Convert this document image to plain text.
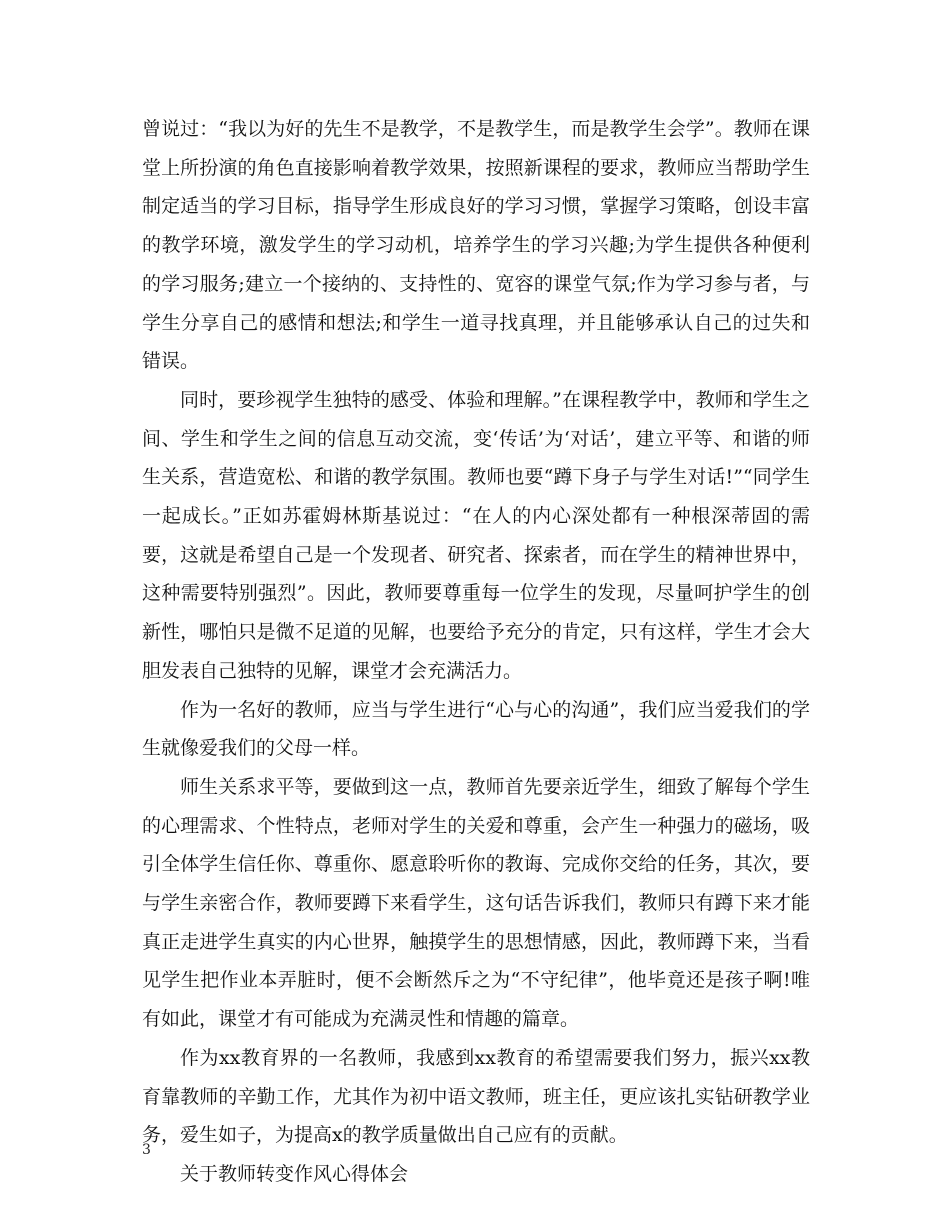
曾说过：“我以为好的先生不是教学，不是教学生，而是教学生会学”。教师在课堂上所扮演的角色直接影响着教学效果，按照新课程的要求，教师应当帮助学生制定适当的学习目标，指导学生形成良好的学习习惯，掌握学习策略，创设丰富的教学环境，激发学生的学习动机，培养学生的学习兴趣;为学生提供各种便利的学习服务;建立一个接纳的、支持性的、宽容的课堂气氛;作为学习参与者，与学生分享自己的感情和想法;和学生一道寻找真理，并且能够承认自己的过失和错误。

同时，要珍视学生独特的感受、体验和理解。”在课程教学中，教师和学生之间、学生和学生之间的信息互动交流，变‘传话’为‘对话’，建立平等、和谐的师生关系，营造宽松、和谐的教学氛围。教师也要“蹲下身子与学生对话!”“同学生一起成长。”正如苏霍姆林斯基说过：“在人的内心深处都有一种根深蒂固的需要，这就是希望自己是一个发现者、研究者、探索者，而在学生的精神世界中，这种需要特别强烈”。因此，教师要尊重每一位学生的发现，尽量呵护学生的创新性，哪怕只是微不足道的见解，也要给予充分的肯定，只有这样，学生才会大胆发表自己独特的见解，课堂才会充满活力。

作为一名好的教师，应当与学生进行“心与心的沟通”，我们应当爱我们的学生就像爱我们的父母一样。

师生关系求平等，要做到这一点，教师首先要亲近学生，细致了解每个学生的心理需求、个性特点，老师对学生的关爱和尊重，会产生一种强力的磁场，吸引全体学生信任你、尊重你、愿意聆听你的教诲、完成你交给的任务，其次，要与学生亲密合作，教师要蹲下来看学生，这句话告诉我们，教师只有蹲下来才能真正走进学生真实的内心世界，触摸学生的思想情感，因此，教师蹲下来，当看见学生把作业本弄脏时，便不会断然斥之为“不守纪律”，他毕竟还是孩子啊!唯有如此，课堂才有可能成为充满灵性和情趣的篇章。

作为xx教育界的一名教师，我感到xx教育的希望需要我们努力，振兴xx教育靠教师的辛勤工作，尤其作为初中语文教师，班主任，更应该扎实钻研教学业务，爱生如子，为提高x的教学质量做出自己应有的贡献。

关于教师转变作风心得体会

3
